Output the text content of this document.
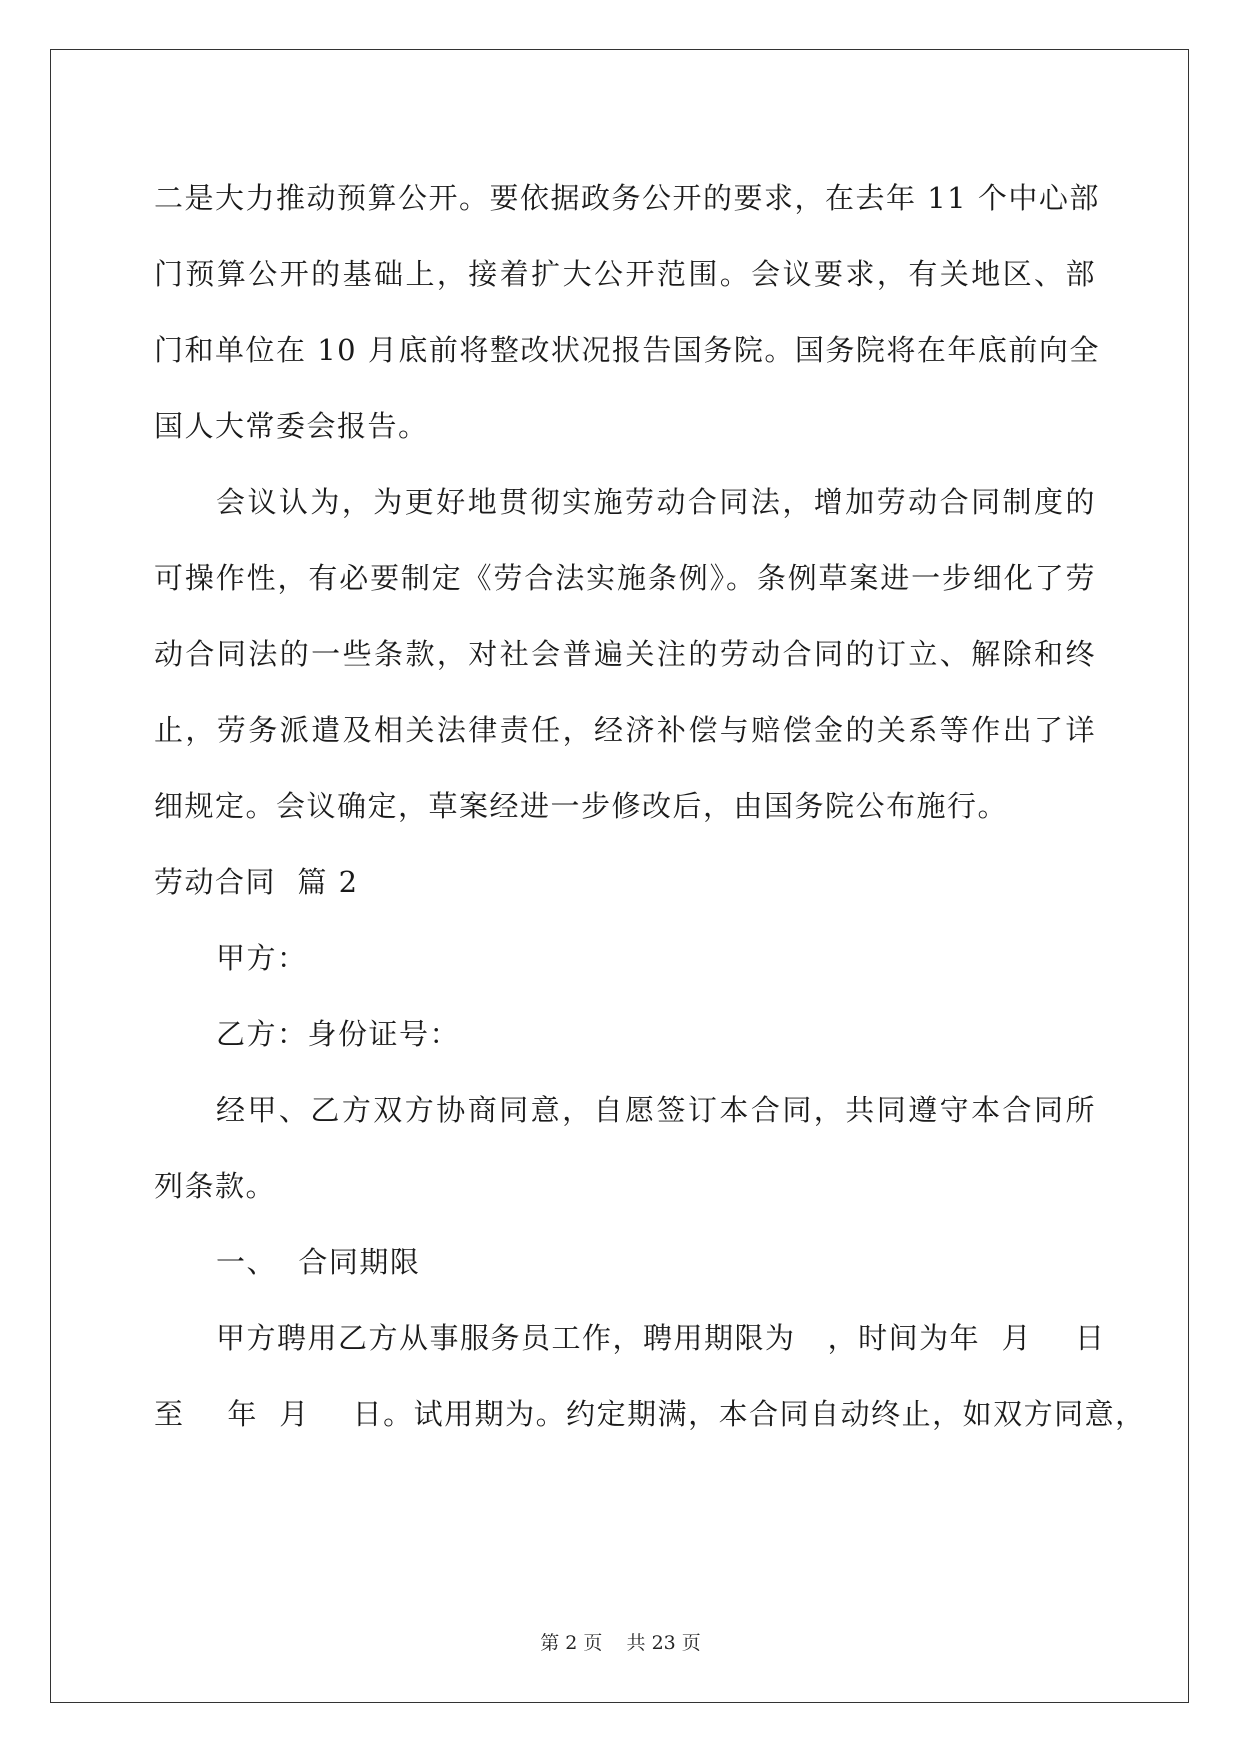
二是大力推动预算公开。要依据政务公开的要求，在去年 11 个中心部
门预算公开的基础上，接着扩大公开范围。会议要求，有关地区、部
门和单位在 10 月底前将整改状况报告国务院。国务院将在年底前向全
国人大常委会报告。
会议认为，为更好地贯彻实施劳动合同法，增加劳动合同制度的
可操作性，有必要制定《劳合法实施条例》。条例草案进一步细化了劳
动合同法的一些条款，对社会普遍关注的劳动合同的订立、解除和终
止，劳务派遣及相关法律责任，经济补偿与赔偿金的关系等作出了详
细规定。会议确定，草案经进一步修改后，由国务院公布施行。
劳动合同  篇 2
甲方：
乙方：身份证号：
经甲、乙方双方协商同意，自愿签订本合同，共同遵守本合同所
列条款。
一、  合同期限
甲方聘用乙方从事服务员工作，聘用期限为   ，时间为年  月    日
至    年  月    日。试用期为。约定期满，本合同自动终止，如双方同意，
第 2 页    共 23 页
